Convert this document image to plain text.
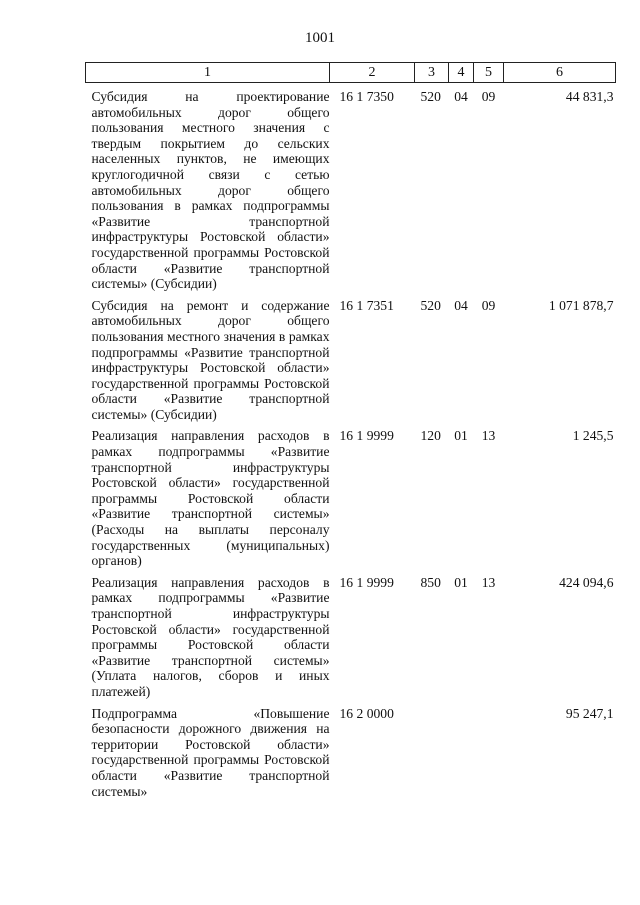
1001
1	2	3	4	5	6
Субсидия на проектирование автомобильных дорог общего пользования местного значения с твердым покрытием до сельских населенных пунктов, не имеющих круглогодичной связи с сетью автомобильных дорог общего пользования в рамках подпрограммы «Развитие транспортной инфраструктуры Ростовской области» государственной программы Ростовской области «Развитие транспортной системы» (Субсидии)	16 1 7350	520	04	09	44 831,3
Субсидия на ремонт и содержание автомобильных дорог общего пользования местного значения в рамках подпрограммы «Развитие транспортной инфраструктуры Ростовской области» государственной программы Ростовской области «Развитие транспортной системы» (Субсидии)	16 1 7351	520	04	09	1 071 878,7
Реализация направления расходов в рамках подпрограммы «Развитие транспортной инфраструктуры Ростовской области» государственной программы Ростовской области «Развитие транспортной системы» (Расходы на выплаты персоналу государственных (муниципальных) органов)	16 1 9999	120	01	13	1 245,5
Реализация направления расходов в рамках подпрограммы «Развитие транспортной инфраструктуры Ростовской области» государственной программы Ростовской области «Развитие транспортной системы» (Уплата налогов, сборов и иных платежей)	16 1 9999	850	01	13	424 094,6
Подпрограмма «Повышение безопасности дорожного движения на территории Ростовской области» государственной программы Ростовской области «Развитие транспортной системы»	16 2 0000				95 247,1
